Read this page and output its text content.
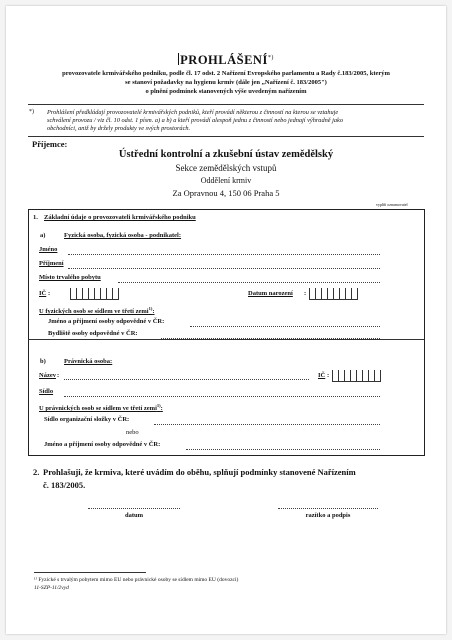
PROHLÁŠENÍ*)
provozovatele krmivářského podniku, podle čl. 17 odst. 2 Nařízení Evropského parlamentu a Rady č.183/2005, kterým
se stanoví požadavky na hygienu krmiv (dále jen „Nařízení č. 183/2005")
o plnění podmínek stanovených výše uvedeným nařízením
*) Prohlášení předkládají provozovatelé krmivářských podniků, kteří provádí některou z činností na kterou se vztahuje
schválení provozu / viz čl. 10 odst. 1 písm. a) a b) a kteří provádí alespoň jednu z činností nebo jednají výhradně jako
obchodníci, aniž by držely produkty ve svých prostorách.
Příjemce:
Ústřední kontrolní a zkušební ústav zemědělský
Sekce zemědělských vstupů
Oddělení krmiv
Za Opravnou 4, 150 06 Praha 5
vyplňí oznamovatel
1. Základní údaje o provozovateli krmivářského podniku
a)	Fyzická osoba, fyzická osoba - podnikatel:
Jméno
Příjmení
Místo trvalého pobytu
IČ :	Datum narození :
U fyzických osob se sídlem ve třetí zemi$^{1)}$:
Jméno a příjmení osoby odpovědné v ČR:
Bydliště osoby odpovědné v ČR:
b)	Právnická osoba:
Název :	IČ :
Sídlo
U právnických osob se sídlem ve třetí zemi$^{1)}$:
Sídlo organizační složky v ČR:
nebo
Jméno a příjmení osoby odpovědné v ČR:
2. Prohlašuji, že krmiva, které uvádím do oběhu, splňují podmínky stanovené Nařízením
č. 183/2005.
datum	razítko a podpis
¹⁾ Fyzické s trvalým pobytem mimo EU nebo právnické osoby se sídlem mimo EU (dovozci)
11-SZP-11/2vyd
